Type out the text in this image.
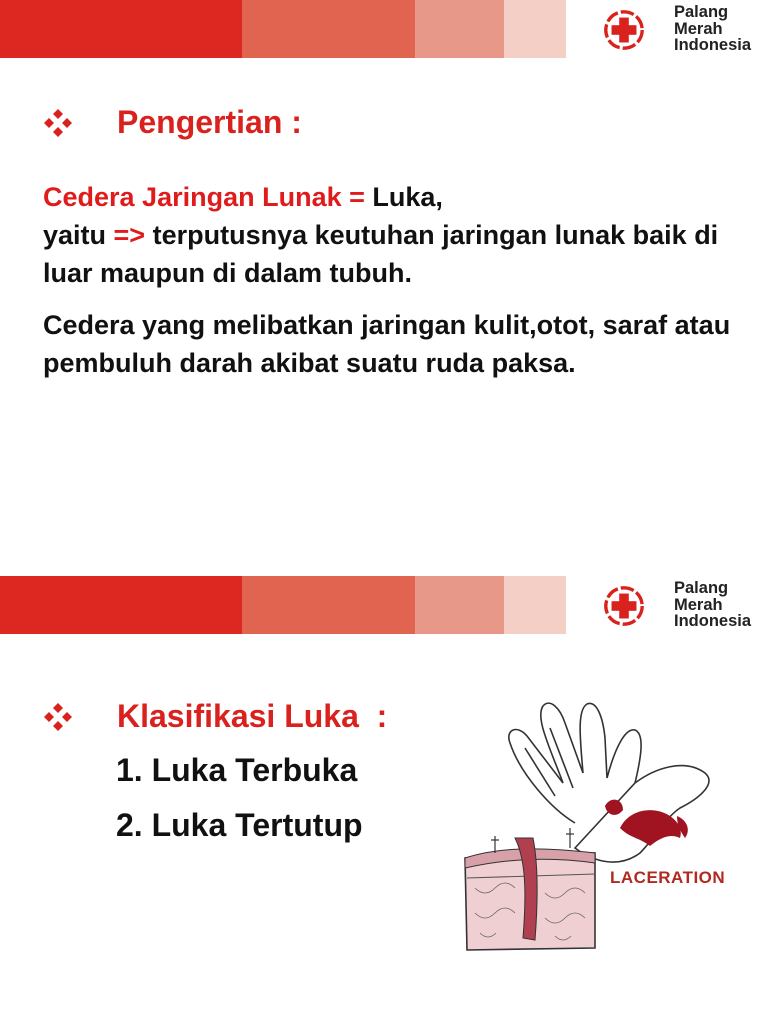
Palang
Merah
Indonesia
Pengertian :
Cedera Jaringan Lunak = Luka,
yaitu => terputusnya keutuhan jaringan lunak baik di luar maupun di dalam tubuh.
Cedera yang melibatkan jaringan kulit,otot, saraf atau pembuluh darah akibat suatu ruda paksa.
Palang
Merah
Indonesia
Klasifikasi Luka  :
1. Luka Terbuka
2. Luka Tertutup
LACERATION
